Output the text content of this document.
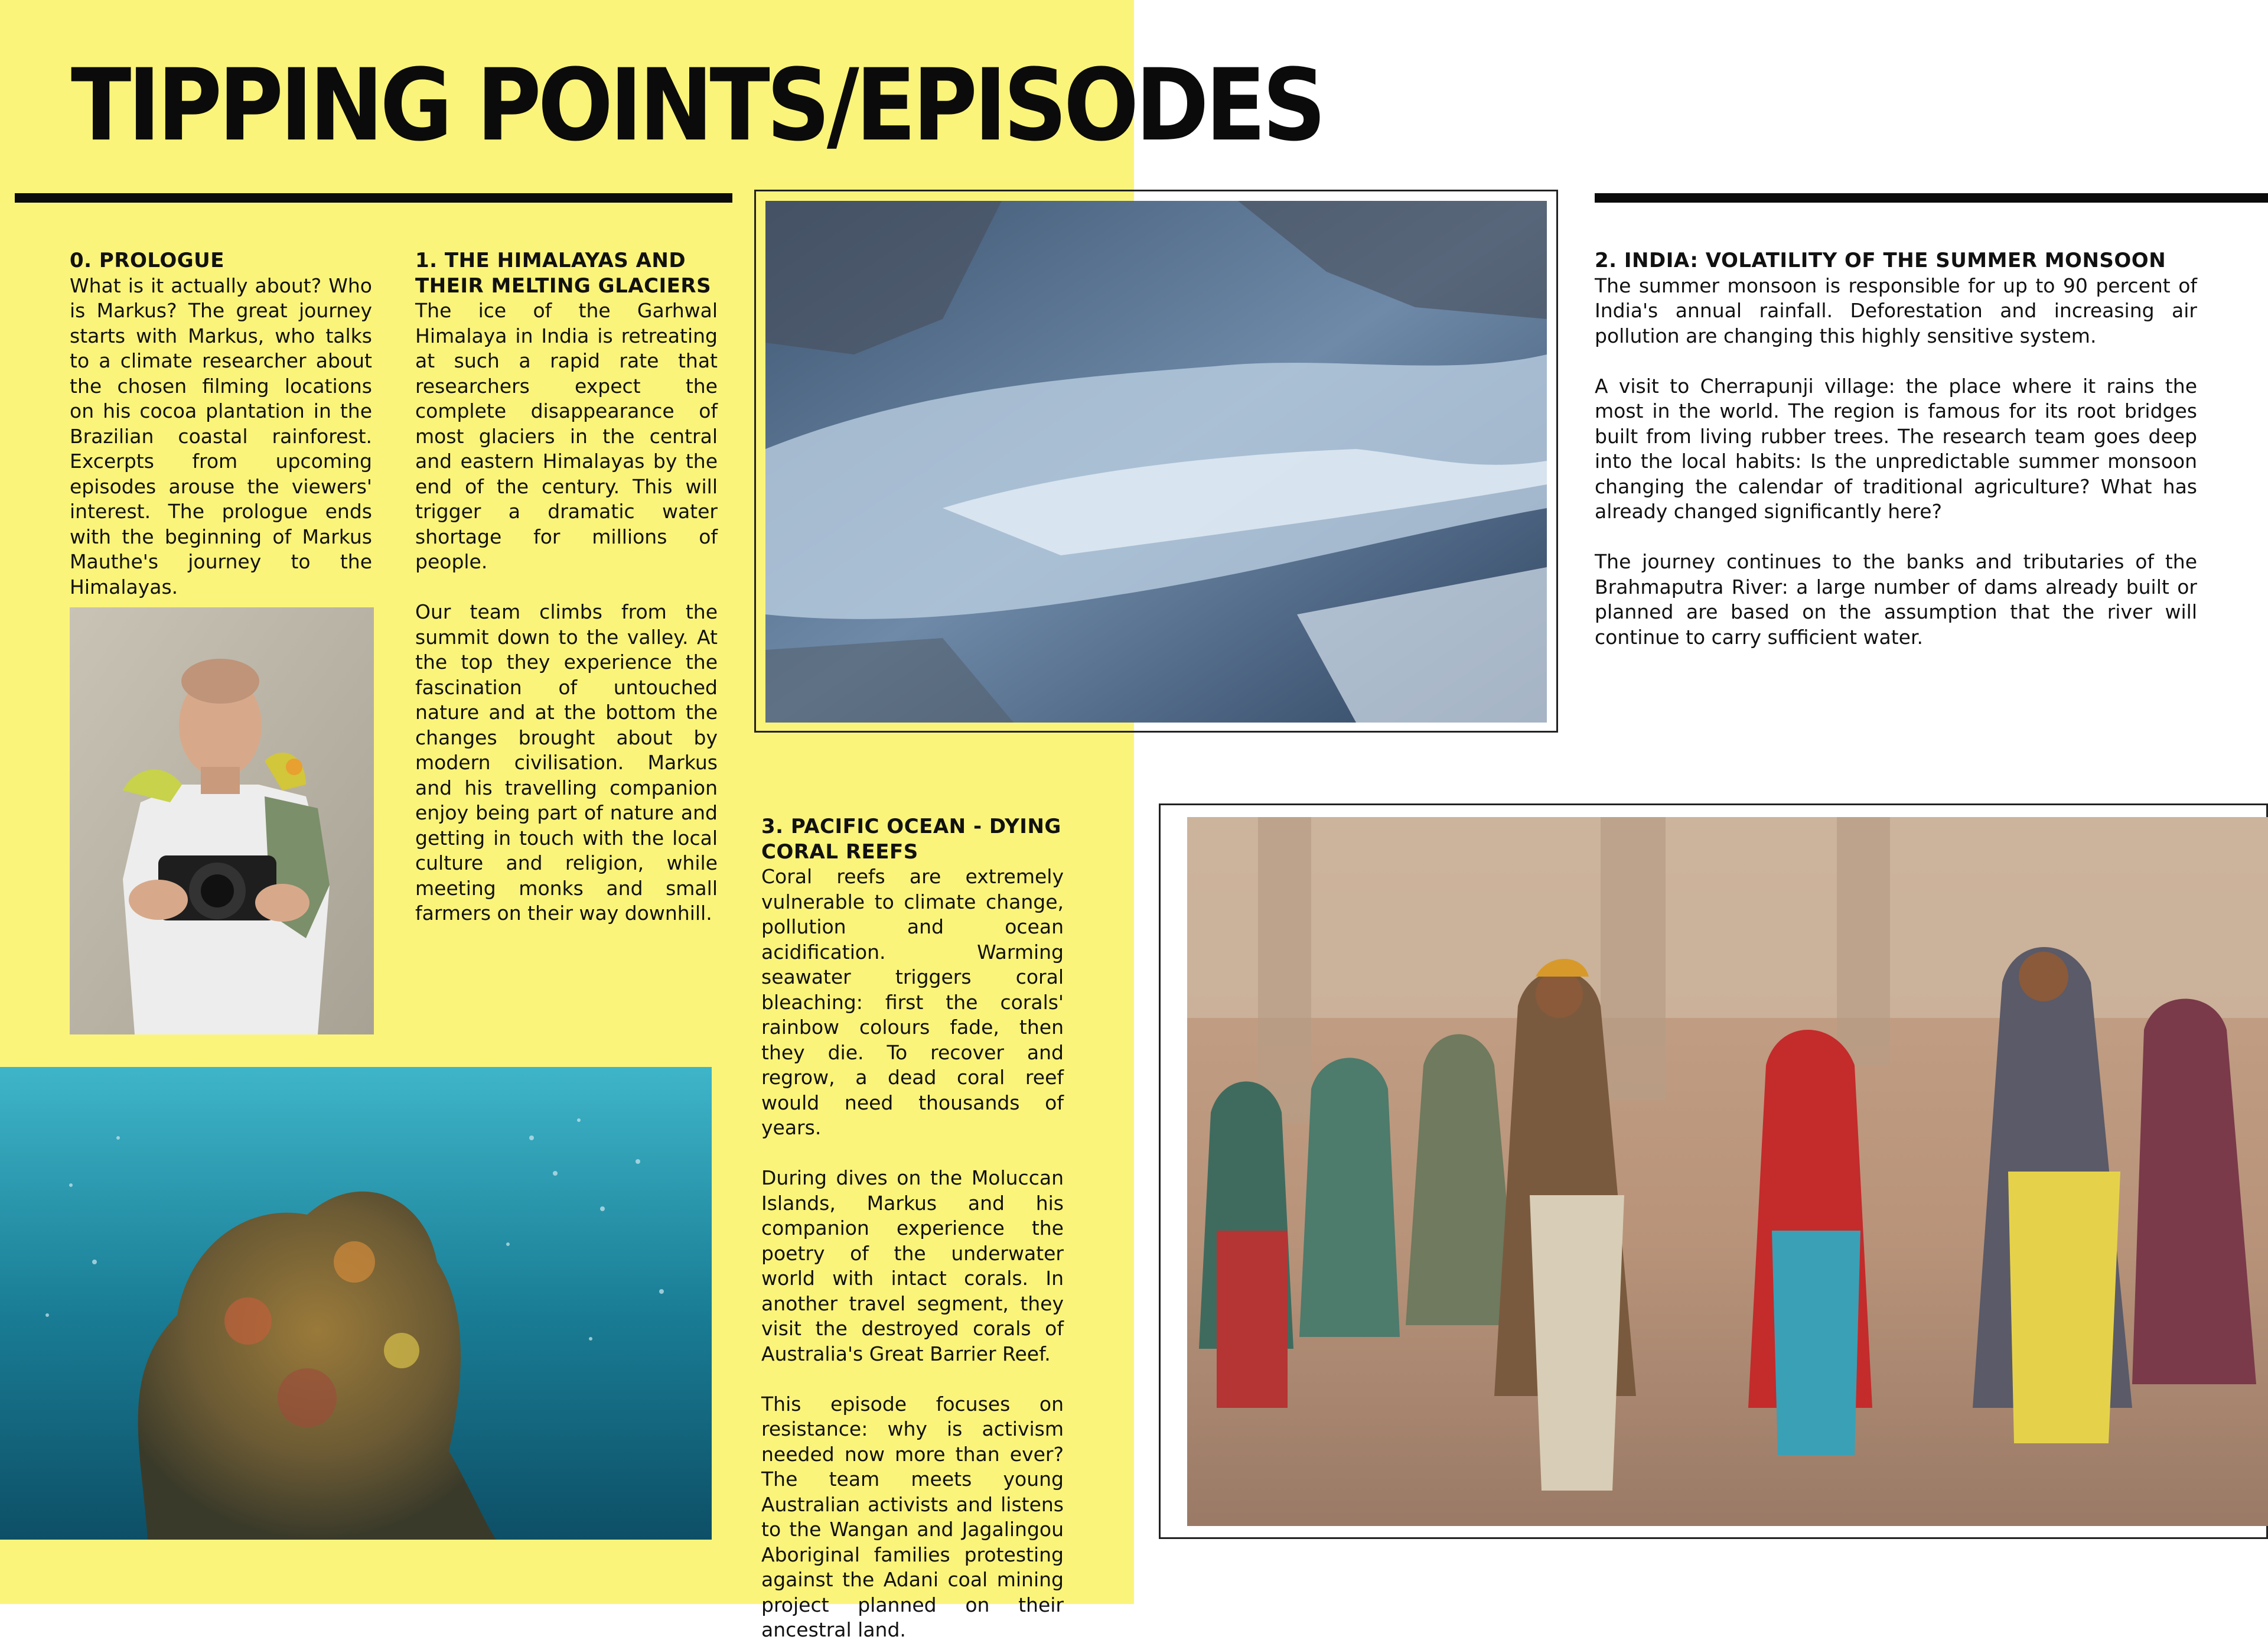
TIPPING POINTS/EPISODES
0. PROLOGUE

What is it actually about? Who is Markus? The great journey starts with Markus, who talks to a climate researcher about the chosen filming locations on his cocoa plantation in the Brazilian coastal rainforest. Excerpts from upcoming episodes arouse the viewers' interest. The prologue ends with the beginning of Markus Mauthe's journey to the Himalayas.

1. THE HIMALAYAS AND THEIR MELTING GLACIERS

The ice of the Garhwal Himalaya in India is retreating at such a rapid rate that researchers expect the complete disappearance of most glaciers in the central and eastern Himalayas by the end of the century. This will trigger a dramatic water shortage for millions of people.

Our team climbs from the summit down to the valley. At the top they experience the fascination of untouched nature and at the bottom the changes brought about by modern civilisation. Markus and his travelling companion enjoy being part of nature and getting in touch with the local culture and religion, while meeting monks and small farmers on their way downhill.

2. INDIA: VOLATILITY OF THE SUMMER MONSOON

The summer monsoon is responsible for up to 90 percent of India's annual rainfall. Deforestation and increasing air pollution are changing this highly sensitive system.

A visit to Cherrapunji village: the place where it rains the most in the world. The region is famous for its root bridges built from living rubber trees. The research team goes deep into the local habits: Is the unpredictable summer monsoon changing the calendar of traditional agriculture? What has already changed significantly here?

The journey continues to the banks and tributaries of the Brahmaputra River: a large number of dams already built or planned are based on the assumption that the river will continue to carry sufficient water.

3. PACIFIC OCEAN - DYING CORAL REEFS

Coral reefs are extremely vulnerable to climate change, pollution and ocean acidification. Warming seawater triggers coral bleaching: first the corals' rainbow colours fade, then they die. To recover and regrow, a dead coral reef would need thousands of years.

During dives on the Moluccan Islands, Markus and his companion experience the poetry of the underwater world with intact corals. In another travel segment, they visit the destroyed corals of Australia's Great Barrier Reef.

This episode focuses on resistance: why is activism needed now more than ever? The team meets young Australian activists and listens to the Wangan and Jagalingou Aboriginal families protesting against the Adani coal mining project planned on their ancestral land.
